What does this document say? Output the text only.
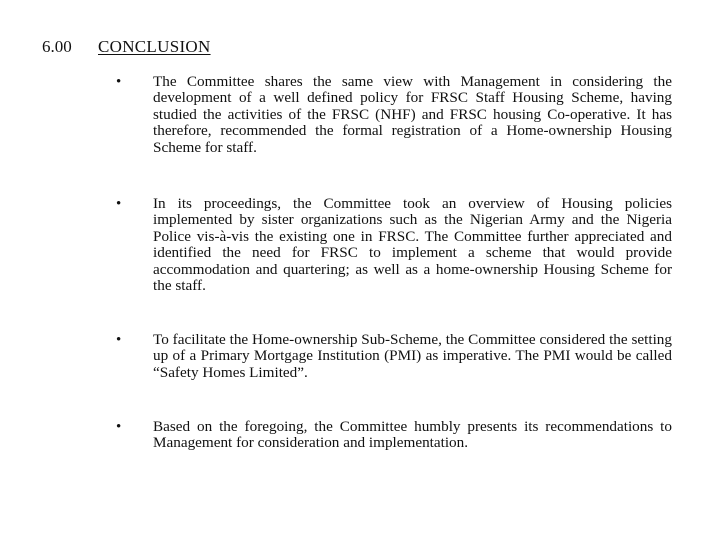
6.00 CONCLUSION
• The Committee shares the same view with Management in considering the development of a well defined policy for FRSC Staff Housing Scheme, having studied the activities of the FRSC (NHF) and FRSC housing Co-operative. It has therefore, recommended the formal registration of a Home-ownership Housing Scheme for staff.
• In its proceedings, the Committee took an overview of Housing policies implemented by sister organizations such as the Nigerian Army and the Nigeria Police vis-à-vis the existing one in FRSC. The Committee further appreciated and identified the need for FRSC to implement a scheme that would provide accommodation and quartering; as well as a home-ownership Housing Scheme for the staff.
• To facilitate the Home-ownership Sub-Scheme, the Committee considered the setting up of a Primary Mortgage Institution (PMI) as imperative. The PMI would be called “Safety Homes Limited”.
• Based on the foregoing, the Committee humbly presents its recommendations to Management for consideration and implementation.
